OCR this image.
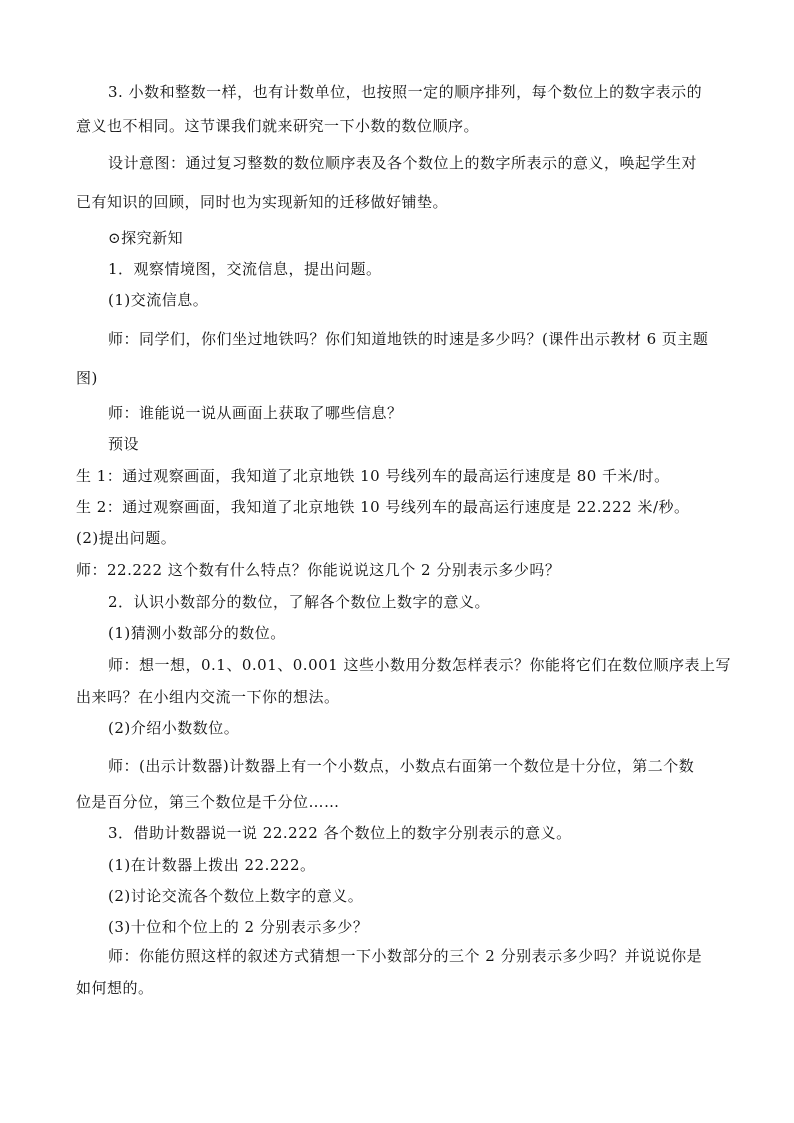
3. 小数和整数一样，也有计数单位，也按照一定的顺序排列，每个数位上的数字表示的
意义也不相同。这节课我们就来研究一下小数的数位顺序。
设计意图：通过复习整数的数位顺序表及各个数位上的数字所表示的意义，唤起学生对
已有知识的回顾，同时也为实现新知的迁移做好铺垫。
⊙探究新知
1．观察情境图，交流信息，提出问题。
(1)交流信息。
师：同学们，你们坐过地铁吗？你们知道地铁的时速是多少吗？(课件出示教材 6 页主题
图)
师：谁能说一说从画面上获取了哪些信息？
预设
生 1：通过观察画面，我知道了北京地铁 10 号线列车的最高运行速度是 80 千米/时。
生 2：通过观察画面，我知道了北京地铁 10 号线列车的最高运行速度是 22.222 米/秒。
(2)提出问题。
师：22.222 这个数有什么特点？你能说说这几个 2 分别表示多少吗？
2．认识小数部分的数位，了解各个数位上数字的意义。
(1)猜测小数部分的数位。
师：想一想，0.1、0.01、0.001 这些小数用分数怎样表示？你能将它们在数位顺序表上写
出来吗？在小组内交流一下你的想法。
(2)介绍小数数位。
师：(出示计数器)计数器上有一个小数点，小数点右面第一个数位是十分位，第二个数
位是百分位，第三个数位是千分位……
3．借助计数器说一说 22.222 各个数位上的数字分别表示的意义。
(1)在计数器上拨出 22.222。
(2)讨论交流各个数位上数字的意义。
(3)十位和个位上的 2 分别表示多少？
师：你能仿照这样的叙述方式猜想一下小数部分的三个 2 分别表示多少吗？并说说你是
如何想的。
